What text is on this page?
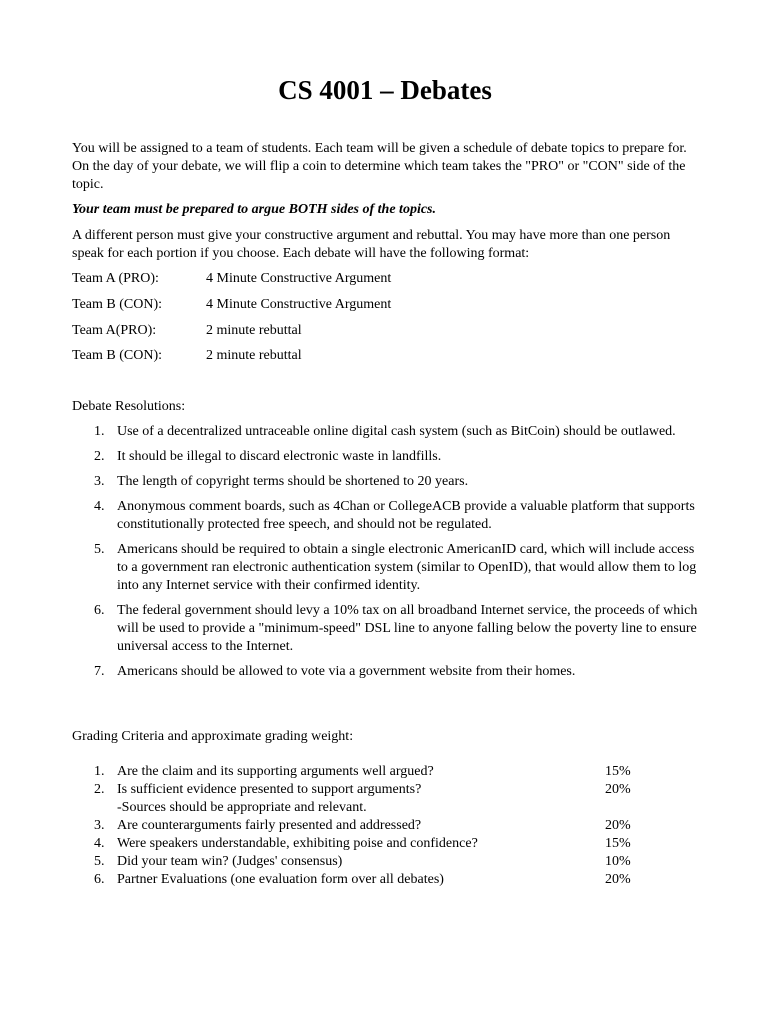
CS 4001 – Debates
You will be assigned to a team of students. Each team will be given a schedule of debate topics to prepare for. On the day of your debate, we will flip a coin to determine which team takes the "PRO" or "CON" side of the topic.
Your team must be prepared to argue BOTH sides of the topics.
A different person must give your constructive argument and rebuttal. You may have more than one person speak for each portion if you choose. Each debate will have the following format:
Team A (PRO):	4 Minute Constructive Argument
Team B (CON):	4 Minute Constructive Argument
Team A(PRO):	2 minute rebuttal
Team B (CON):	2 minute rebuttal
Debate Resolutions:
1. Use of a decentralized untraceable online digital cash system (such as BitCoin) should be outlawed.
2. It should be illegal to discard electronic waste in landfills.
3. The length of copyright terms should be shortened to 20 years.
4. Anonymous comment boards, such as 4Chan or CollegeACB provide a valuable platform that supports constitutionally protected free speech, and should not be regulated.
5. Americans should be required to obtain a single electronic AmericanID card, which will include access to a government ran electronic authentication system (similar to OpenID), that would allow them to log into any Internet service with their confirmed identity.
6. The federal government should levy a 10% tax on all broadband Internet service, the proceeds of which will be used to provide a "minimum-speed" DSL line to anyone falling below the poverty line to ensure universal access to the Internet.
7. Americans should be allowed to vote via a government website from their homes.
Grading Criteria and approximate grading weight:
1. Are the claim and its supporting arguments well argued?	15%
2. Is sufficient evidence presented to support arguments?	20%
-Sources should be appropriate and relevant.
3. Are counterarguments fairly presented and addressed?	20%
4. Were speakers understandable, exhibiting poise and confidence?	15%
5. Did your team win? (Judges' consensus)	10%
6. Partner Evaluations (one evaluation form over all debates)	20%
